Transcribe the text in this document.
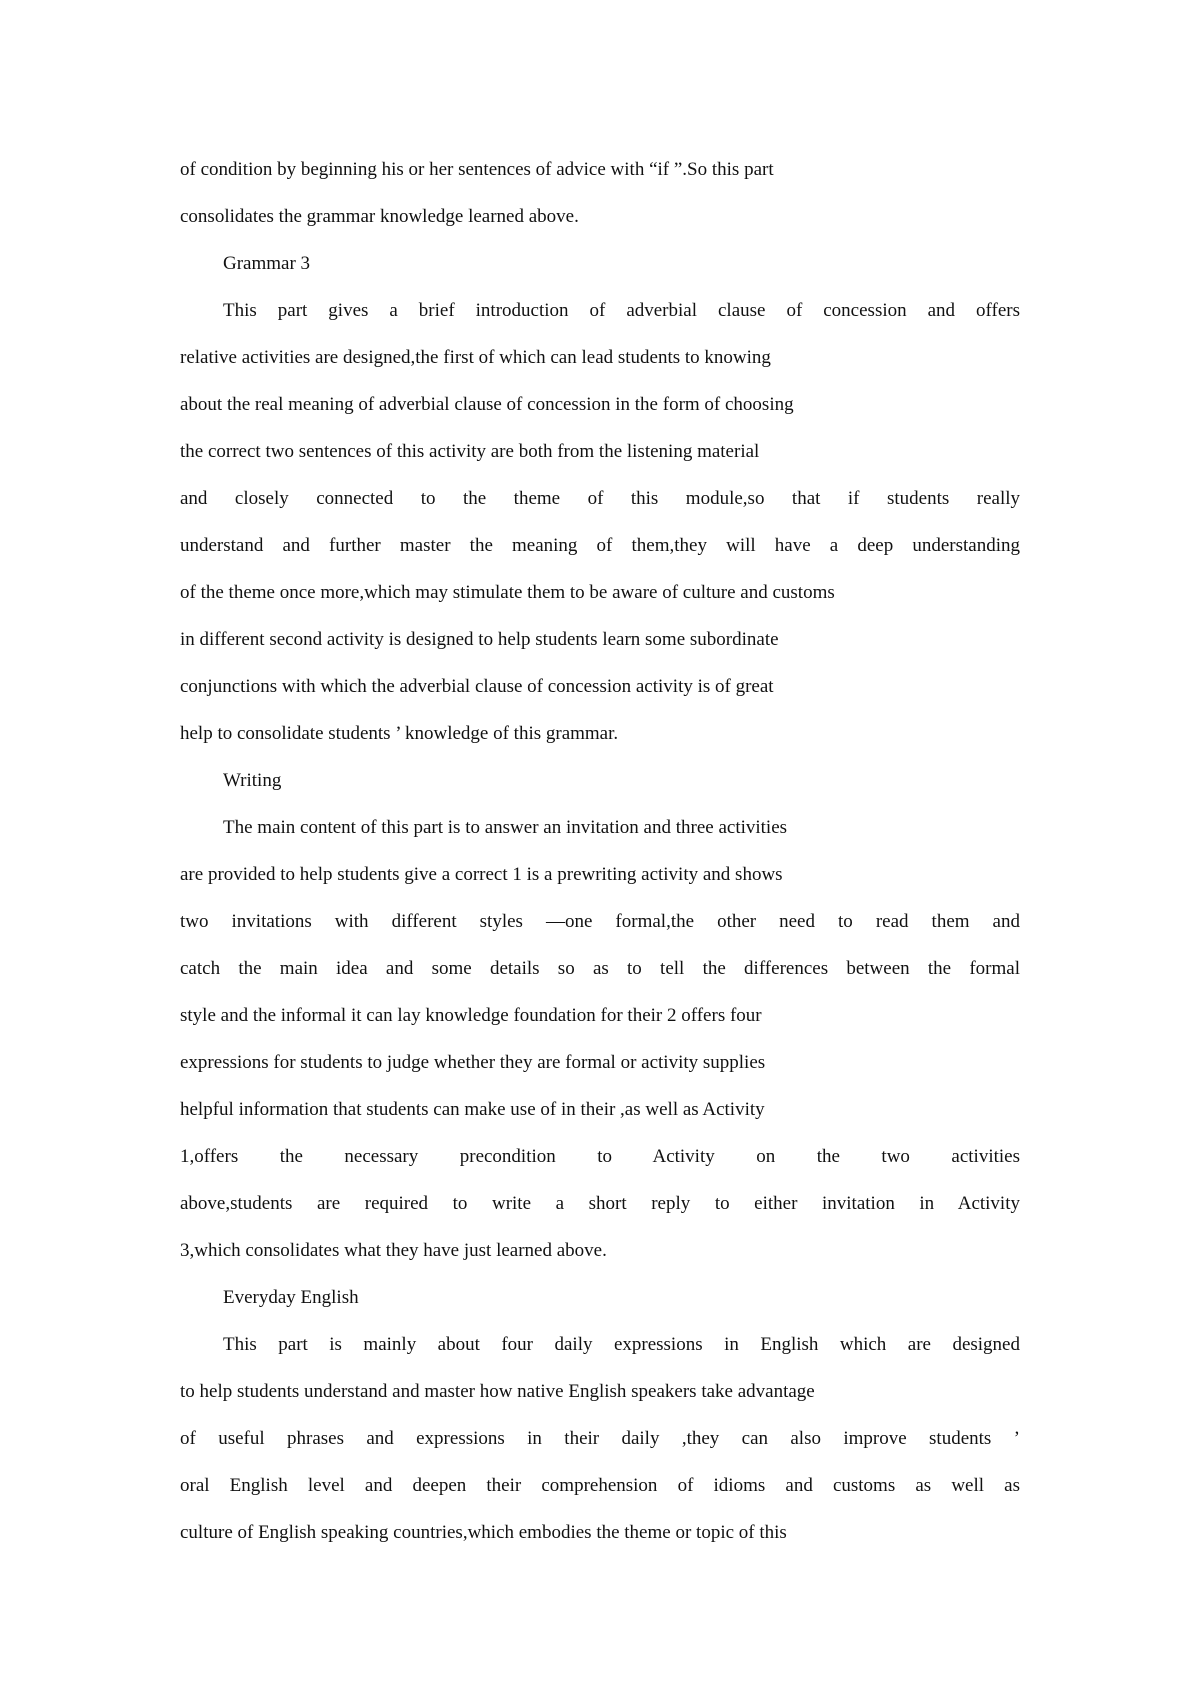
of condition by beginning his or her sentences of advice with “if ”.So this part
consolidates the grammar knowledge learned above.
Grammar 3
This part gives a brief introduction of adverbial clause of concession and offers
relative activities are designed,the first of which can lead students to knowing
about the real meaning of adverbial clause of concession in the form of choosing
the correct two sentences of this activity are both from the listening material
and closely connected to the theme of this module,so that if students really
understand and further master the meaning of them,they will have a deep understanding
of the theme once more,which may stimulate them to be aware of culture and customs
in different second activity is designed to help students learn some subordinate
conjunctions with which the adverbial clause of concession activity is of great
help to consolidate students ’ knowledge of this grammar.
Writing
The main content of this part is to answer an invitation and three activities
are provided to help students give a correct 1 is a prewriting activity and shows
two invitations with different styles —one formal,the other need to read them and
catch the main idea and some details so as to tell the differences between the formal
style and the informal it can lay knowledge foundation for their 2 offers four
expressions for students to judge whether they are formal or activity supplies
helpful information that students can make use of in their ,as well as Activity
1,offers the necessary precondition to Activity on the two activities
above,students are required to write a short reply to either invitation in Activity
3,which consolidates what they have just learned above.
Everyday English
This part is mainly about four daily expressions in English which are designed
to help students understand and master how native English speakers take advantage
of useful phrases and expressions in their daily ,they can also improve students ’
oral English level and deepen their comprehension of idioms and customs as well as
culture of English speaking countries,which embodies the theme or topic of this
